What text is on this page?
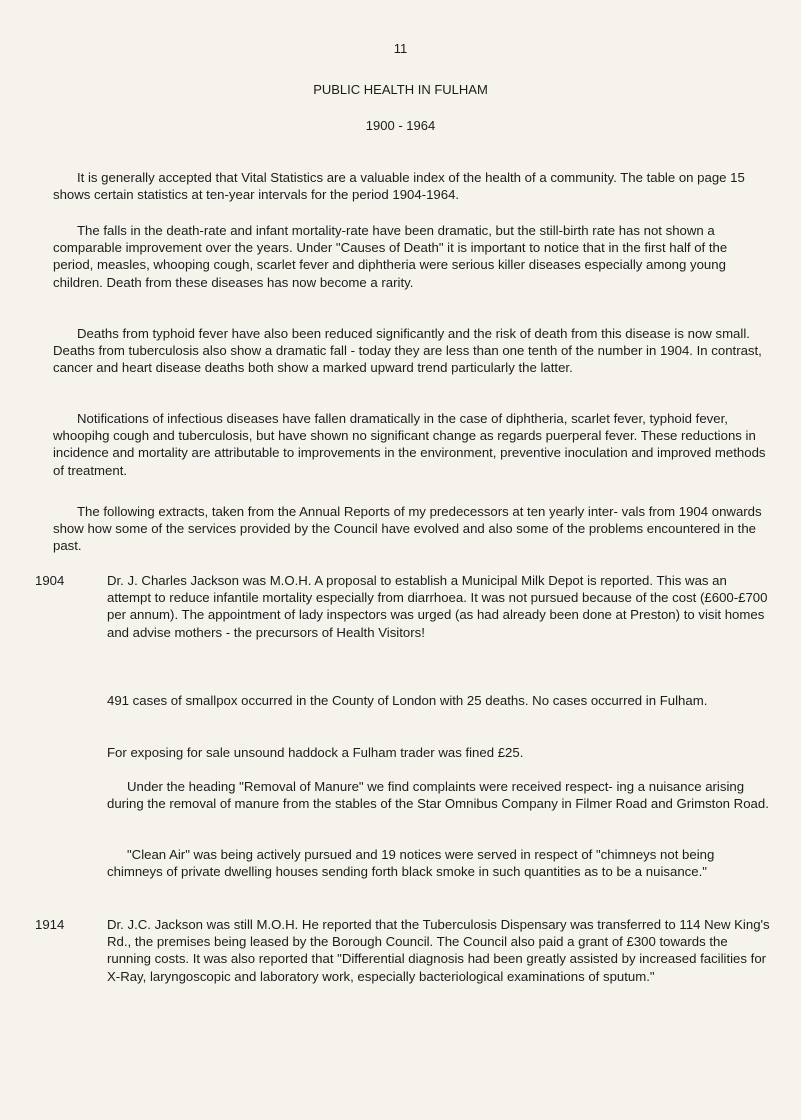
11
PUBLIC HEALTH IN FULHAM
1900 - 1964

It is generally accepted that Vital Statistics are a valuable index of the health of a community. The table on page 15 shows certain statistics at ten-year intervals for the period 1904-1964.

The falls in the death-rate and infant mortality-rate have been dramatic, but the still-birth rate has not shown a comparable improvement over the years. Under "Causes of Death" it is important to notice that in the first half of the period, measles, whooping cough, scarlet fever and diphtheria were serious killer diseases especially among young children. Death from these diseases has now become a rarity.

Deaths from typhoid fever have also been reduced significantly and the risk of death from this disease is now small. Deaths from tuberculosis also show a dramatic fall - today they are less than one tenth of the number in 1904. In contrast, cancer and heart disease deaths both show a marked upward trend particularly the latter.

Notifications of infectious diseases have fallen dramatically in the case of diphtheria, scarlet fever, typhoid fever, whoopihg cough and tuberculosis, but have shown no significant change as regards puerperal fever. These reductions in incidence and mortality are attributable to improvements in the environment, preventive inoculation and improved methods of treatment.

The following extracts, taken from the Annual Reports of my predecessors at ten yearly inter- vals from 1904 onwards show how some of the services provided by the Council have evolved and also some of the problems encountered in the past.

1904	Dr. J. Charles Jackson was M.O.H. A proposal to establish a Municipal Milk Depot is reported. This was an attempt to reduce infantile mortality especially from diarrhoea. It was not pursued because of the cost (£600-£700 per annum). The appointment of lady inspectors was urged (as had already been done at Preston) to visit homes and advise mothers - the precursors of Health Visitors!

491 cases of smallpox occurred in the County of London with 25 deaths. No cases occurred in Fulham.

For exposing for sale unsound haddock a Fulham trader was fined £25.

Under the heading "Removal of Manure" we find complaints were received respect- ing a nuisance arising during the removal of manure from the stables of the Star Omnibus Company in Filmer Road and Grimston Road.

"Clean Air" was being actively pursued and 19 notices were served in respect of "chimneys not being chimneys of private dwelling houses sending forth black smoke in such quantities as to be a nuisance."

1914	Dr. J.C. Jackson was still M.O.H. He reported that the Tuberculosis Dispensary was transferred to 114 New King's Rd., the premises being leased by the Borough Council. The Council also paid a grant of £300 towards the running costs. It was also reported that "Differential diagnosis had been greatly assisted by increased facilities for X-Ray, laryngoscopic and laboratory work, especially bacteriological examinations of sputum."
